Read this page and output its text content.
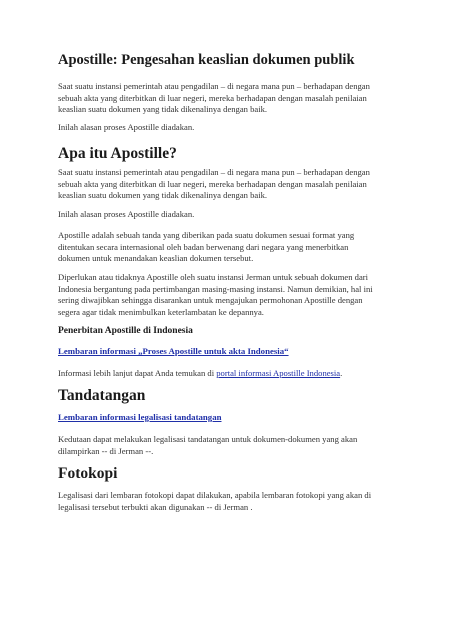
Apostille: Pengesahan keaslian dokumen publik
Saat suatu instansi pemerintah atau pengadilan – di negara mana pun – berhadapan dengan
sebuah akta yang diterbitkan di luar negeri, mereka berhadapan dengan masalah penilaian
keaslian suatu dokumen yang tidak dikenalinya dengan baik.
Inilah alasan proses Apostille diadakan.
Apa itu Apostille?
Saat suatu instansi pemerintah atau pengadilan – di negara mana pun – berhadapan dengan
sebuah akta yang diterbitkan di luar negeri, mereka berhadapan dengan masalah penilaian
keaslian suatu dokumen yang tidak dikenalinya dengan baik.
Inilah alasan proses Apostille diadakan.
Apostille adalah sebuah tanda yang diberikan pada suatu dokumen sesuai format yang
ditentukan secara internasional oleh badan berwenang dari negara yang menerbitkan
dokumen untuk menandakan keaslian dokumen tersebut.
Diperlukan atau tidaknya Apostille oleh suatu instansi Jerman untuk sebuah dokumen dari
Indonesia bergantung pada pertimbangan masing-masing instansi. Namun demikian, hal ini
sering diwajibkan sehingga disarankan untuk mengajukan permohonan Apostille dengan
segera agar tidak menimbulkan keterlambatan ke depannya.
Penerbitan Apostille di Indonesia
Lembaran informasi „Proses Apostille untuk akta Indonesia“
Informasi lebih lanjut dapat Anda temukan di portal informasi Apostille Indonesia.
Tandatangan
Lembaran informasi legalisasi tandatangan
Kedutaan dapat melakukan legalisasi tandatangan untuk dokumen-dokumen yang akan
dilampirkan -- di Jerman --.
Fotokopi
Legalisasi dari lembaran fotokopi dapat dilakukan, apabila lembaran fotokopi yang akan di
legalisasi tersebut terbukti akan digunakan -- di Jerman .
